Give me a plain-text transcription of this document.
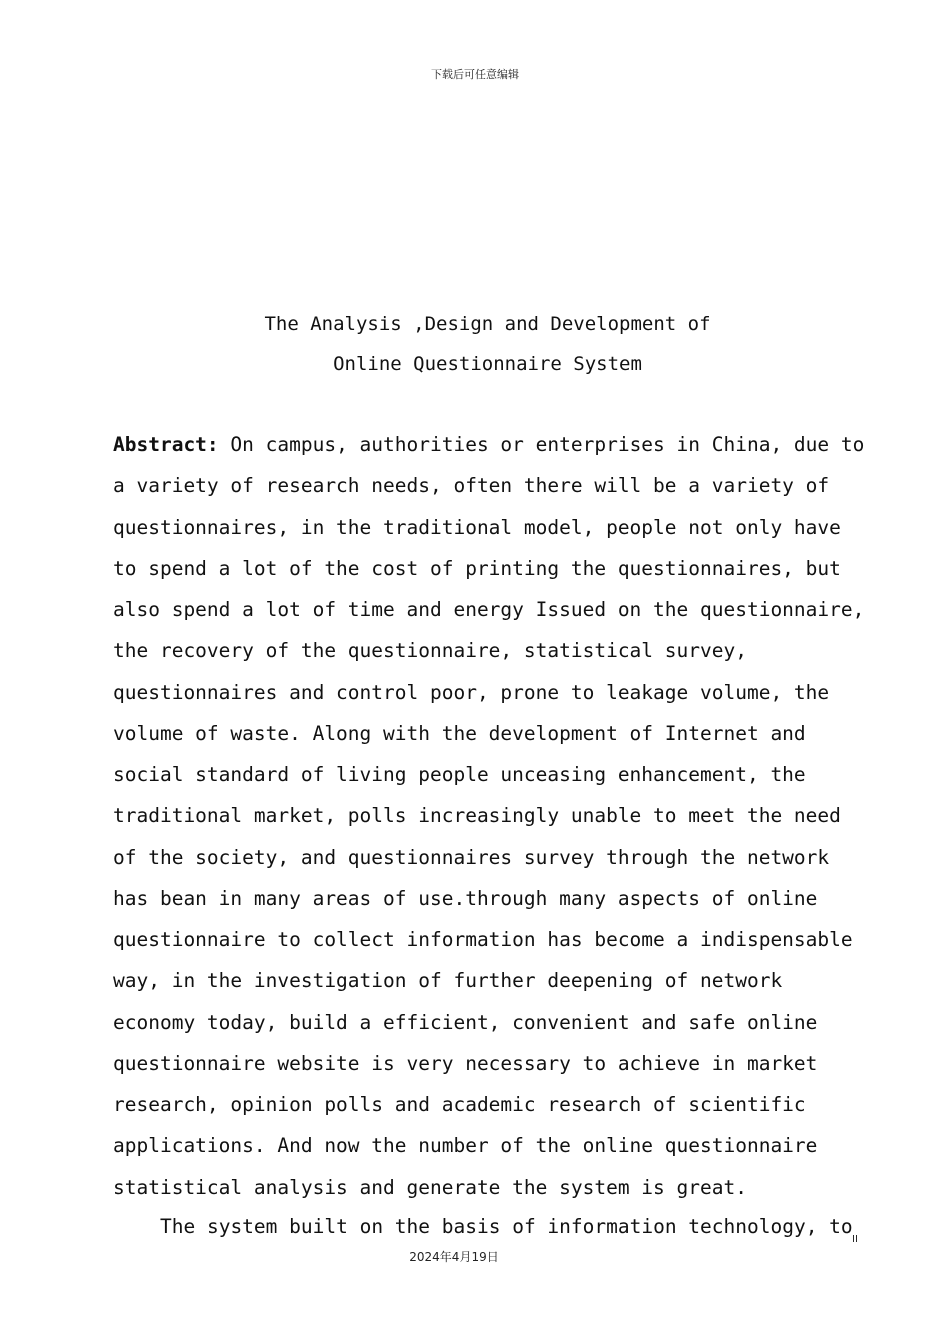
下载后可任意编辑
The Analysis ,Design and Development of
Online Questionnaire System
Abstract: On campus, authorities or enterprises in China, due to
a variety of research needs, often there will be a variety of
questionnaires, in the traditional model, people not only have
to spend a lot of the cost of printing the questionnaires, but
also spend a lot of time and energy Issued on the questionnaire,
the recovery of the questionnaire, statistical survey,
questionnaires and control poor, prone to leakage volume, the
volume of waste. Along with the development of Internet and
social standard of living people unceasing enhancement, the
traditional market, polls increasingly unable to meet the need
of the society, and questionnaires survey through the network
has bean in many areas of use.through many aspects of online
questionnaire to collect information has become a indispensable
way, in the investigation of further deepening of network
economy today, build a efficient, convenient and safe online
questionnaire website is very necessary to achieve in market
research, opinion polls and academic research of scientific
applications. And now the number of the online questionnaire
statistical analysis and generate the system is great.
The system built on the basis of information technology, to
II
2024年4月19日
